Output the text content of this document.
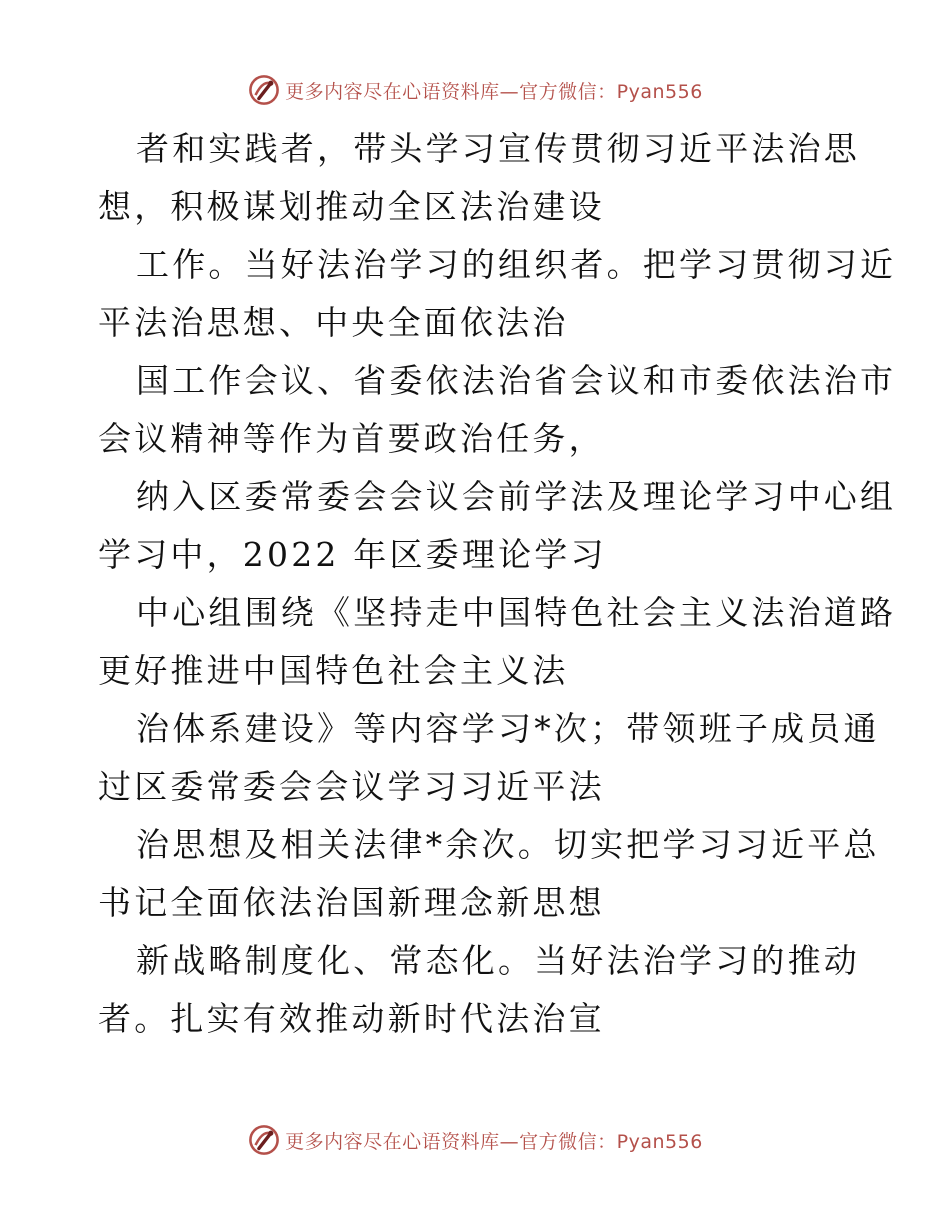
更多内容尽在心语资料库—官方微信：Pyan556
者和实践者，带头学习宣传贯彻习近平法治思
想，积极谋划推动全区法治建设
工作。当好法治学习的组织者。把学习贯彻习近
平法治思想、中央全面依法治
国工作会议、省委依法治省会议和市委依法治市
会议精神等作为首要政治任务，
纳入区委常委会会议会前学法及理论学习中心组
学习中，2022 年区委理论学习
中心组围绕《坚持走中国特色社会主义法治道路
更好推进中国特色社会主义法
治体系建设》等内容学习*次；带领班子成员通
过区委常委会会议学习习近平法
治思想及相关法律*余次。切实把学习习近平总
书记全面依法治国新理念新思想
新战略制度化、常态化。当好法治学习的推动
者。扎实有效推动新时代法治宣
更多内容尽在心语资料库—官方微信：Pyan556
